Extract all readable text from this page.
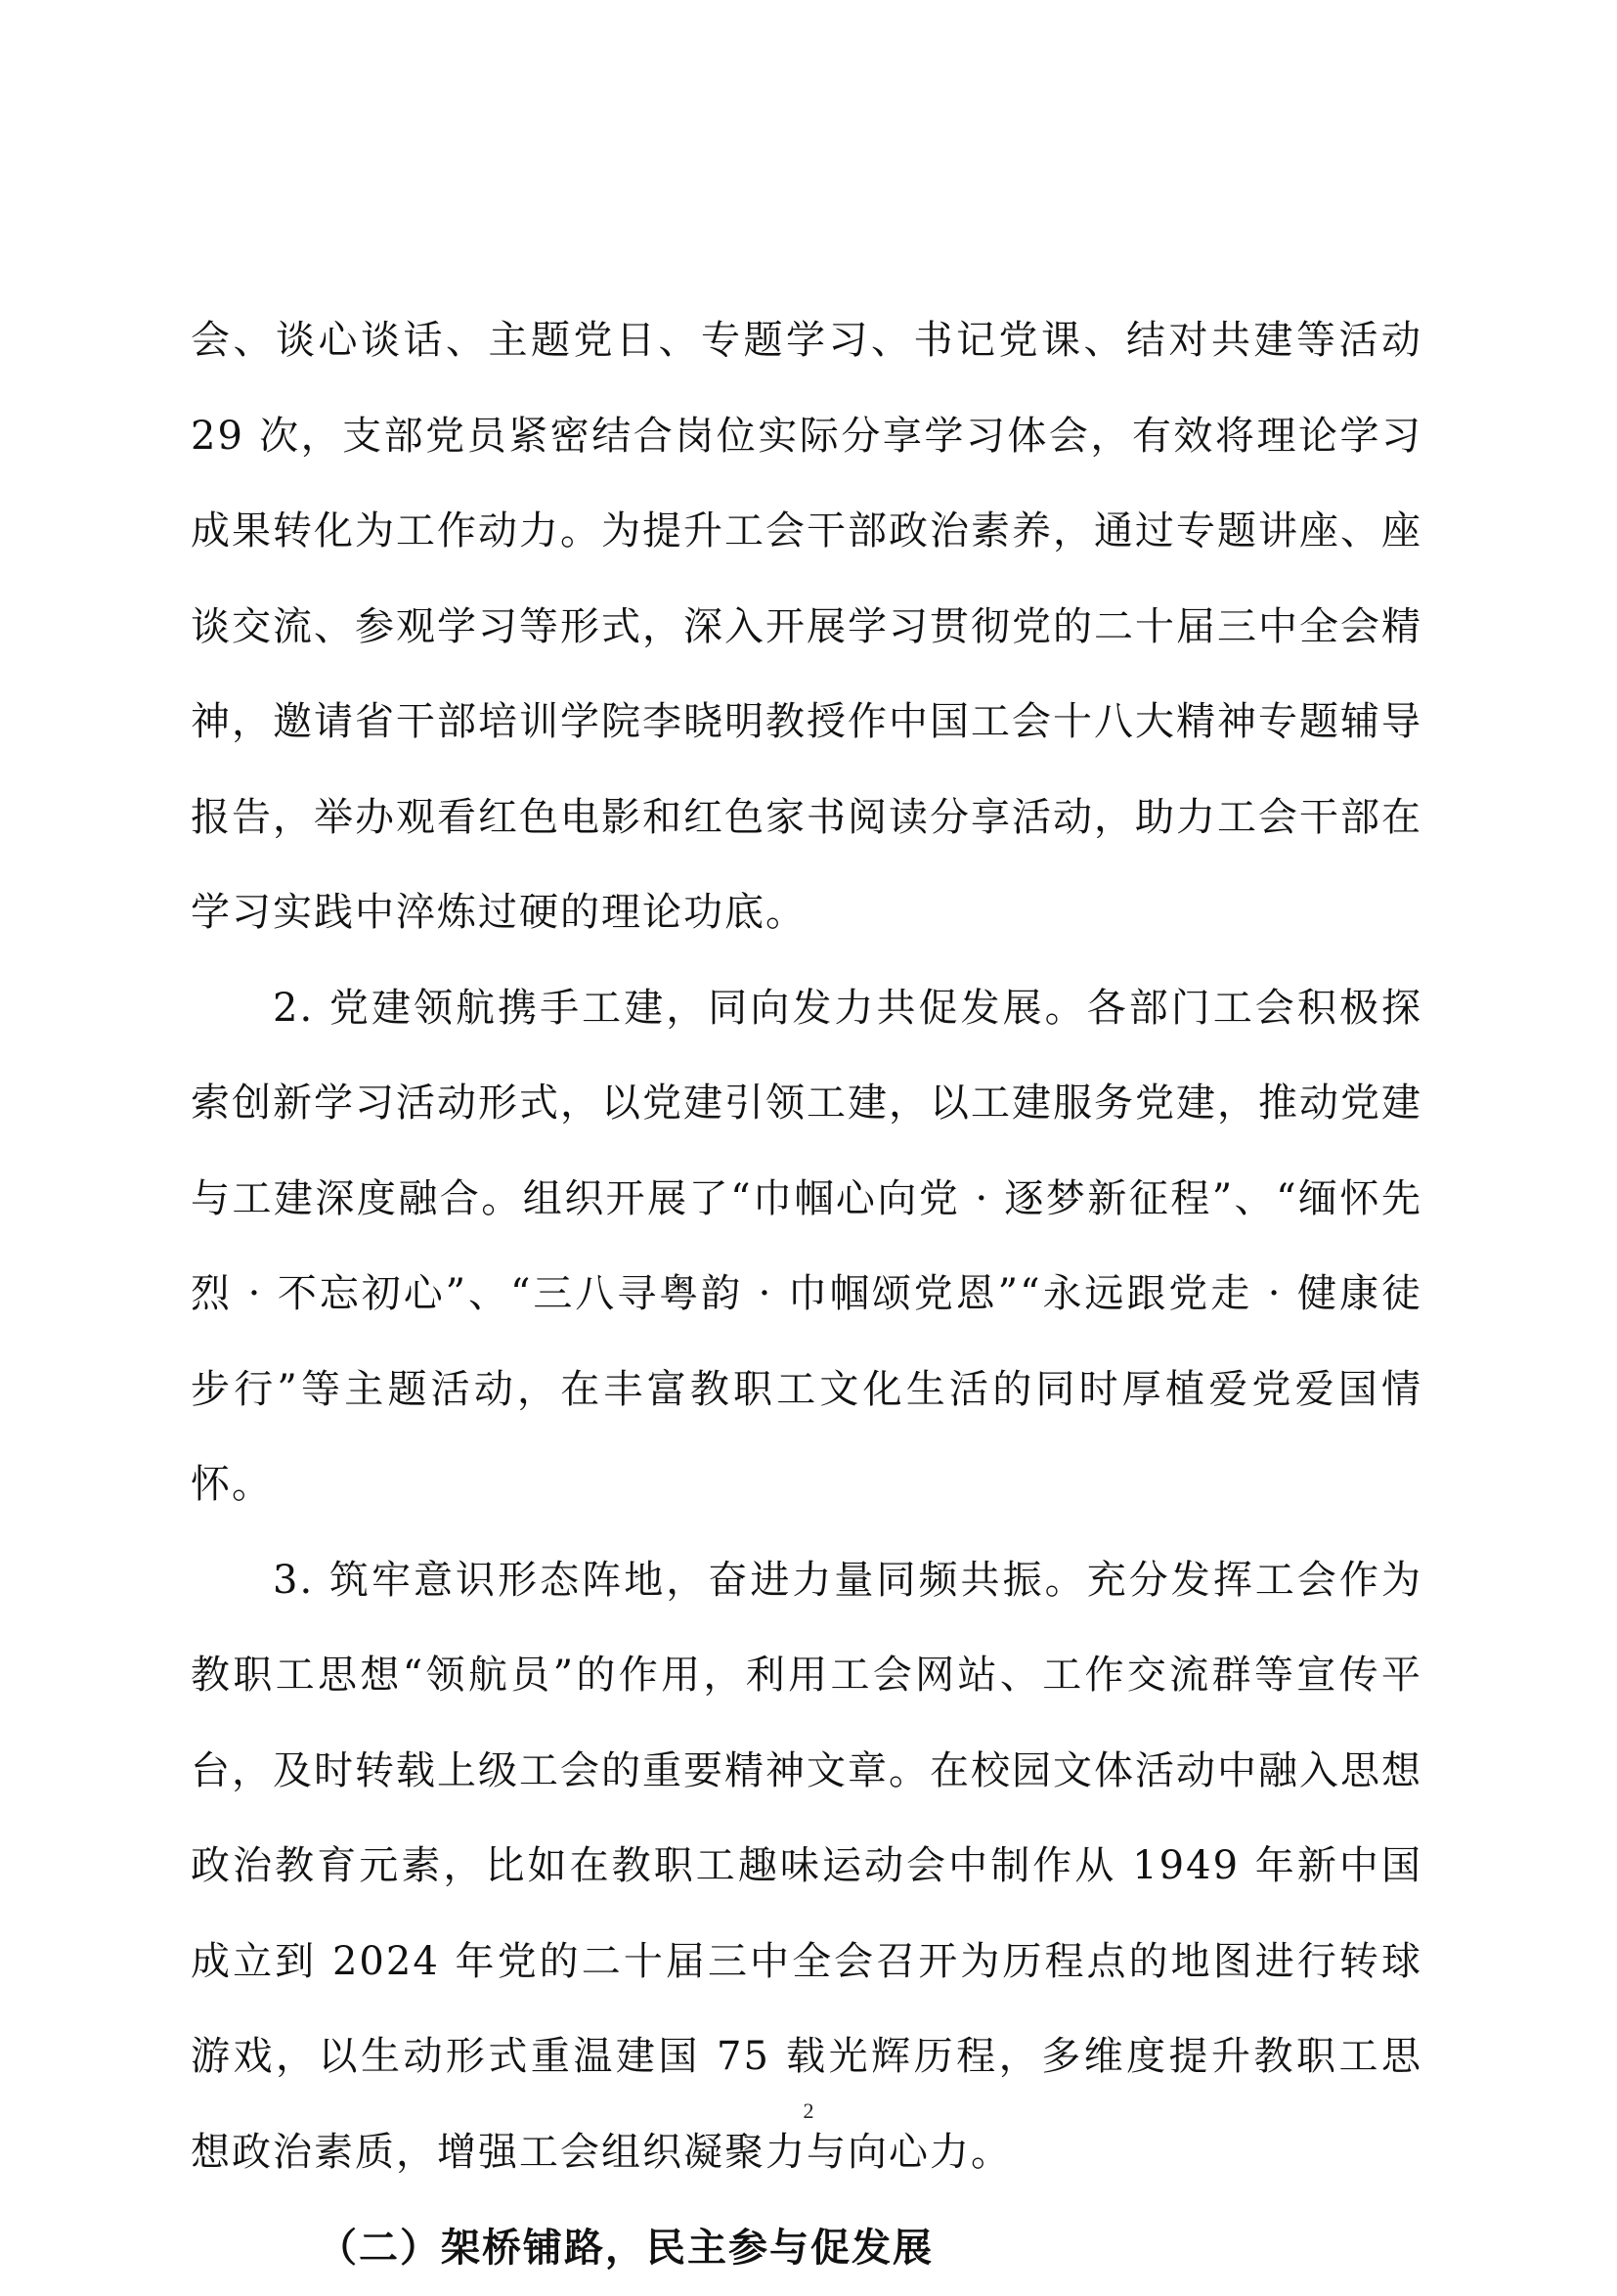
会、谈心谈话、主题党日、专题学习、书记党课、结对共建等活动 29 次，支部党员紧密结合岗位实际分享学习体会，有效将理论学习成果转化为工作动力。为提升工会干部政治素养，通过专题讲座、座谈交流、参观学习等形式，深入开展学习贯彻党的二十届三中全会精神，邀请省干部培训学院李晓明教授作中国工会十八大精神专题辅导报告，举办观看红色电影和红色家书阅读分享活动，助力工会干部在学习实践中淬炼过硬的理论功底。

2. 党建领航携手工建，同向发力共促发展。各部门工会积极探索创新学习活动形式，以党建引领工建，以工建服务党建，推动党建与工建深度融合。组织开展了“巾帼心向党 · 逐梦新征程”、“缅怀先烈 · 不忘初心”、“三八寻粤韵 · 巾帼颂党恩”“永远跟党走 · 健康徒步行”等主题活动，在丰富教职工文化生活的同时厚植爱党爱国情怀。

3. 筑牢意识形态阵地，奋进力量同频共振。充分发挥工会作为教职工思想“领航员”的作用，利用工会网站、工作交流群等宣传平台，及时转载上级工会的重要精神文章。在校园文体活动中融入思想政治教育元素，比如在教职工趣味运动会中制作从 1949 年新中国成立到 2024 年党的二十届三中全会召开为历程点的地图进行转球游戏，以生动形式重温建国 75 载光辉历程，多维度提升教职工思想政治素质，增强工会组织凝聚力与向心力。

（二）架桥铺路，民主参与促发展

2
